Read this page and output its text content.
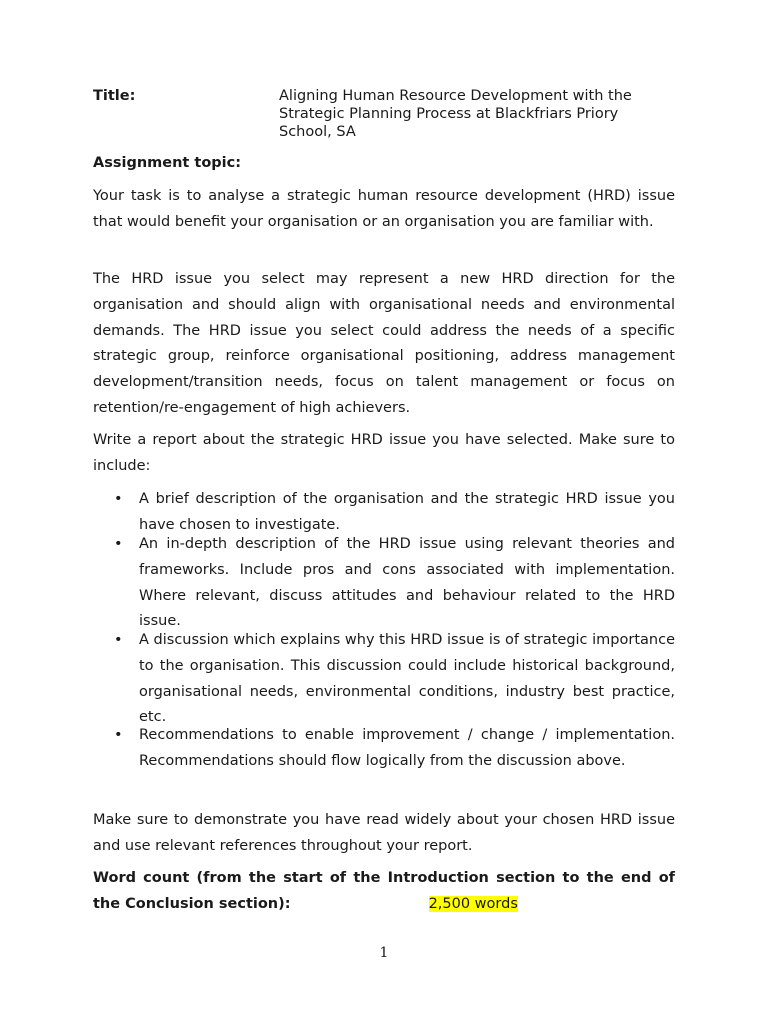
Title:	Aligning Human Resource Development with the Strategic Planning Process at Blackfriars Priory School, SA
Assignment topic:
Your task is to analyse a strategic human resource development (HRD) issue that would benefit your organisation or an organisation you are familiar with.
The HRD issue you select may represent a new HRD direction for the organisation and should align with organisational needs and environmental demands. The HRD issue you select could address the needs of a specific strategic group, reinforce organisational positioning, address management development/transition needs, focus on talent management or focus on retention/re-engagement of high achievers.
Write a report about the strategic HRD issue you have selected. Make sure to include:
• A brief description of the organisation and the strategic HRD issue you have chosen to investigate.
• An in-depth description of the HRD issue using relevant theories and frameworks. Include pros and cons associated with implementation. Where relevant, discuss attitudes and behaviour related to the HRD issue.
• A discussion which explains why this HRD issue is of strategic importance to the organisation. This discussion could include historical background, organisational needs, environmental conditions, industry best practice, etc.
• Recommendations to enable improvement / change / implementation. Recommendations should flow logically from the discussion above.
Make sure to demonstrate you have read widely about your chosen HRD issue and use relevant references throughout your report.
Word count (from the start of the Introduction section to the end of the Conclusion section):	2,500 words
1
